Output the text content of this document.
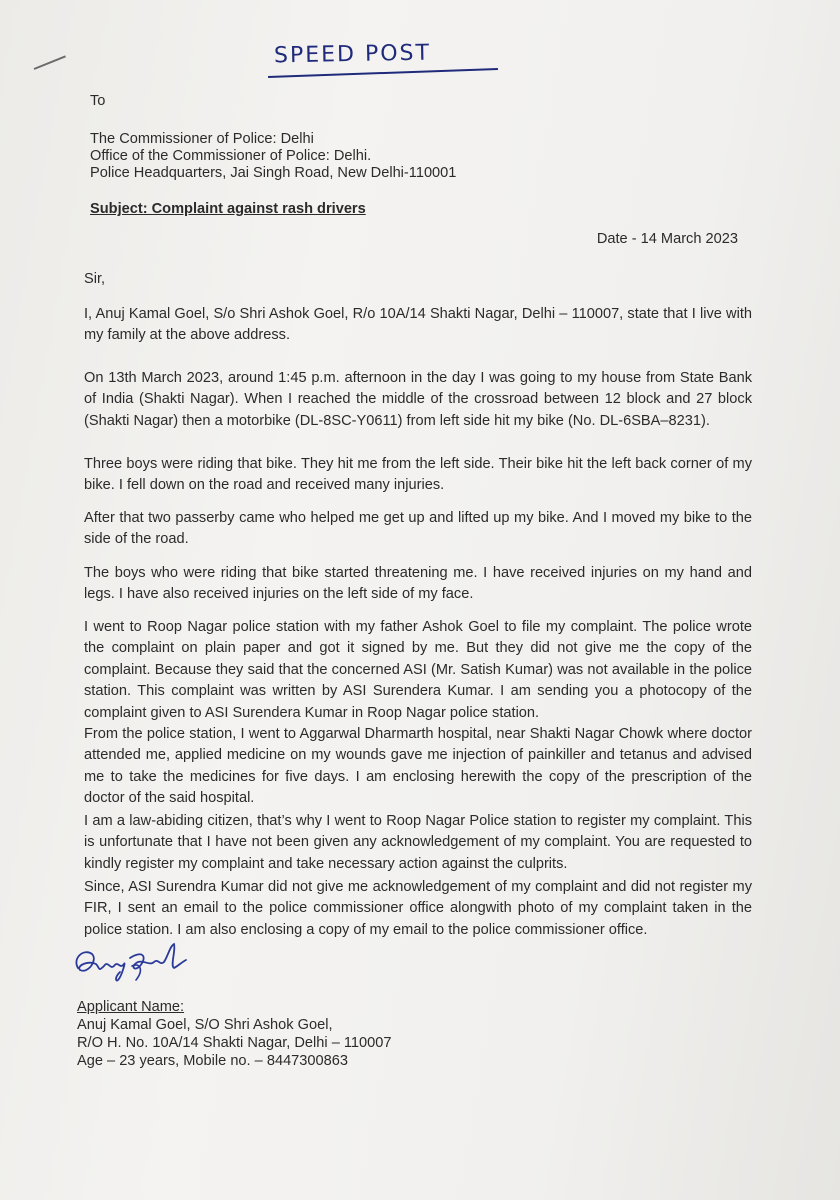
SPEED POST
To
The Commissioner of Police: Delhi
Office of the Commissioner of Police: Delhi.
Police Headquarters, Jai Singh Road, New Delhi-110001
Subject: Complaint against rash drivers
Date - 14 March 2023
Sir,
I, Anuj Kamal Goel, S/o Shri Ashok Goel, R/o 10A/14 Shakti Nagar, Delhi – 110007, state that I live with my family at the above address.
On 13th March 2023, around 1:45 p.m. afternoon in the day I was going to my house from State Bank of India (Shakti Nagar). When I reached the middle of the crossroad between 12 block and 27 block (Shakti Nagar) then a motorbike (DL-8SC-Y0611) from left side hit my bike (No. DL-6SBA–8231).
Three boys were riding that bike. They hit me from the left side. Their bike hit the left back corner of my bike. I fell down on the road and received many injuries.
After that two passerby came who helped me get up and lifted up my bike. And I moved my bike to the side of the road.
The boys who were riding that bike started threatening me. I have received injuries on my hand and legs. I have also received injuries on the left side of my face.
I went to Roop Nagar police station with my father Ashok Goel to file my complaint. The police wrote the complaint on plain paper and got it signed by me. But they did not give me the copy of the complaint. Because they said that the concerned ASI (Mr. Satish Kumar) was not available in the police station. This complaint was written by ASI Surendera Kumar. I am sending you a photocopy of the complaint given to ASI Surendera Kumar in Roop Nagar police station.
From the police station, I went to Aggarwal Dharmarth hospital, near Shakti Nagar Chowk where doctor attended me, applied medicine on my wounds gave me injection of painkiller and tetanus and advised me to take the medicines for five days. I am enclosing herewith the copy of the prescription of the doctor of the said hospital.
I am a law-abiding citizen, that’s why I went to Roop Nagar Police station to register my complaint. This is unfortunate that I have not been given any acknowledgement of my complaint. You are requested to kindly register my complaint and take necessary action against the culprits.
Since, ASI Surendra Kumar did not give me acknowledgement of my complaint and did not register my FIR, I sent an email to the police commissioner office alongwith photo of my complaint taken in the police station. I am also enclosing a copy of my email to the police commissioner office.
Applicant Name:
Anuj Kamal Goel, S/O Shri Ashok Goel,
R/O H. No. 10A/14 Shakti Nagar, Delhi – 110007
Age – 23 years, Mobile no. – 8447300863
